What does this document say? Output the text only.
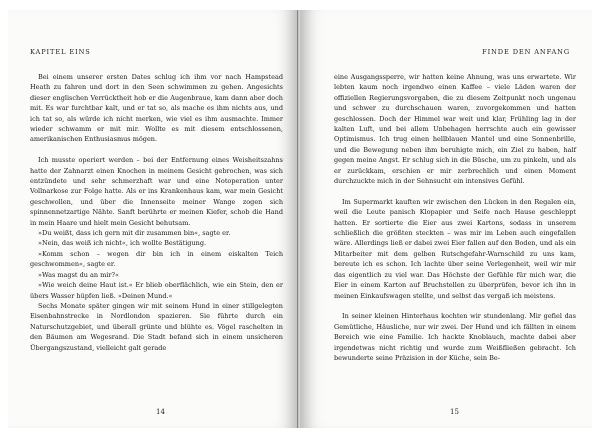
KAPITEL EINS

Bei einem unserer ersten Dates schlug ich ihm vor nach Hampstead Heath zu fahren und dort in den Seen schwimmen zu gehen. Angesichts dieser englischen Verrücktheit hob er die Augenbraue, kam dann aber doch mit. Es war furchtbar kalt, und er tat so, als mache es ihm nichts aus, und ich tat so, als würde ich nicht merken, wie viel es ihm ausmachte. Immer wieder schwamm er mit mir. Wollte es mit diesem entschlossenen, amerikanischen Enthusiasmus mögen.

Ich musste operiert werden – bei der Entfernung eines Weisheitszahns hatte der Zahnarzt einen Knochen in meinem Gesicht gebrochen, was sich entzündete und sehr schmerzhaft war und eine Notoperation unter Vollnarkose zur Folge hatte. Als er ins Krankenhaus kam, war mein Gesicht geschwollen, und über die Innenseite meiner Wange zogen sich spinnennetzartige Nähte. Sanft berührte er meinen Kiefer, schob die Hand in mein Haare und hielt mein Gesicht behutsam.

»Du weißt, dass ich gern mit dir zusammen bin«, sagte er.

»Nein, das weiß ich nicht«, ich wollte Bestätigung.

»Komm schon – wegen dir bin ich in einem eiskalten Teich geschwommen«, sagte er.

»Was magst du an mir?«

»Wie weich deine Haut ist.« Er blieb oberflächlich, wie ein Stein, den er übers Wasser hüpfen ließ. »Deinen Mund.«

Sechs Monate später gingen wir mit seinem Hund in einer stillgelegten Eisenbahnstrecke in Nordlondon spazieren. Sie führte durch ein Naturschutzgebiet, und überall grünte und blühte es. Vögel raschelten in den Bäumen am Wegesrand. Die Stadt befand sich in einem unsicheren Übergangszustand, vielleicht galt gerade

14
FINDE DEN ANFANG

eine Ausgangssperre, wir hatten keine Ahnung, was uns erwartete. Wir lebten kaum noch irgendwo einen Kaffee – viele Läden waren der offiziellen Regierungsvorgaben, die zu diesem Zeitpunkt noch ungenau und schwer zu durchschauen waren, zuvorgekommen und hatten geschlossen. Doch der Himmel war weit und klar, Frühling lag in der kalten Luft, und bei allem Unbehagen herrschte auch ein gewisser Optimismus. Ich trug einen hellblauen Mantel und eine Sonnenbrille, und die Bewegung neben ihm beruhigte mich, ein Ziel zu haben, half gegen meine Angst. Er schlug sich in die Büsche, um zu pinkeln, und als er zurückkam, erschien er mir zerbrechlich und einen Moment durchzuckte mich in der Sehnsucht ein intensives Gefühl.

Im Supermarkt kauften wir zwischen den Lücken in den Regalen ein, weil die Leute panisch Klopapier und Seife nach Hause geschleppt hatten. Er sortierte die Eier aus zwei Kartons, sodass in unserem schließlich die größten steckten – was mir im Leben auch eingefallen wäre. Allerdings ließ er dabei zwei Eier fallen auf den Boden, und als ein Mitarbeiter mit dem gelben Rutschgefahr-Warnschild zu uns kam, bereute ich es schon. Ich lachte über seine Verlegenheit, weil wir mir das eigentlich zu viel war. Das Höchste der Gefühle für mich war, die Eier in einem Karton auf Bruchstellen zu überprüfen, bevor ich ihn in meinen Einkaufswagen stellte, und selbst das vergaß ich meistens.

In seiner kleinen Hinterhaus kochten wir stundenlang. Mir gefiel das Gemütliche, Häusliche, nur wir zwei. Der Hund und ich fällten in einem Bereich wie eine Familie. Ich hackte Knoblauch, machte dabei aber irgendetwas nicht richtig und wurde zum Weißfließen gebracht. Ich bewunderte seine Präzision in der Küche, sein Be-

15
